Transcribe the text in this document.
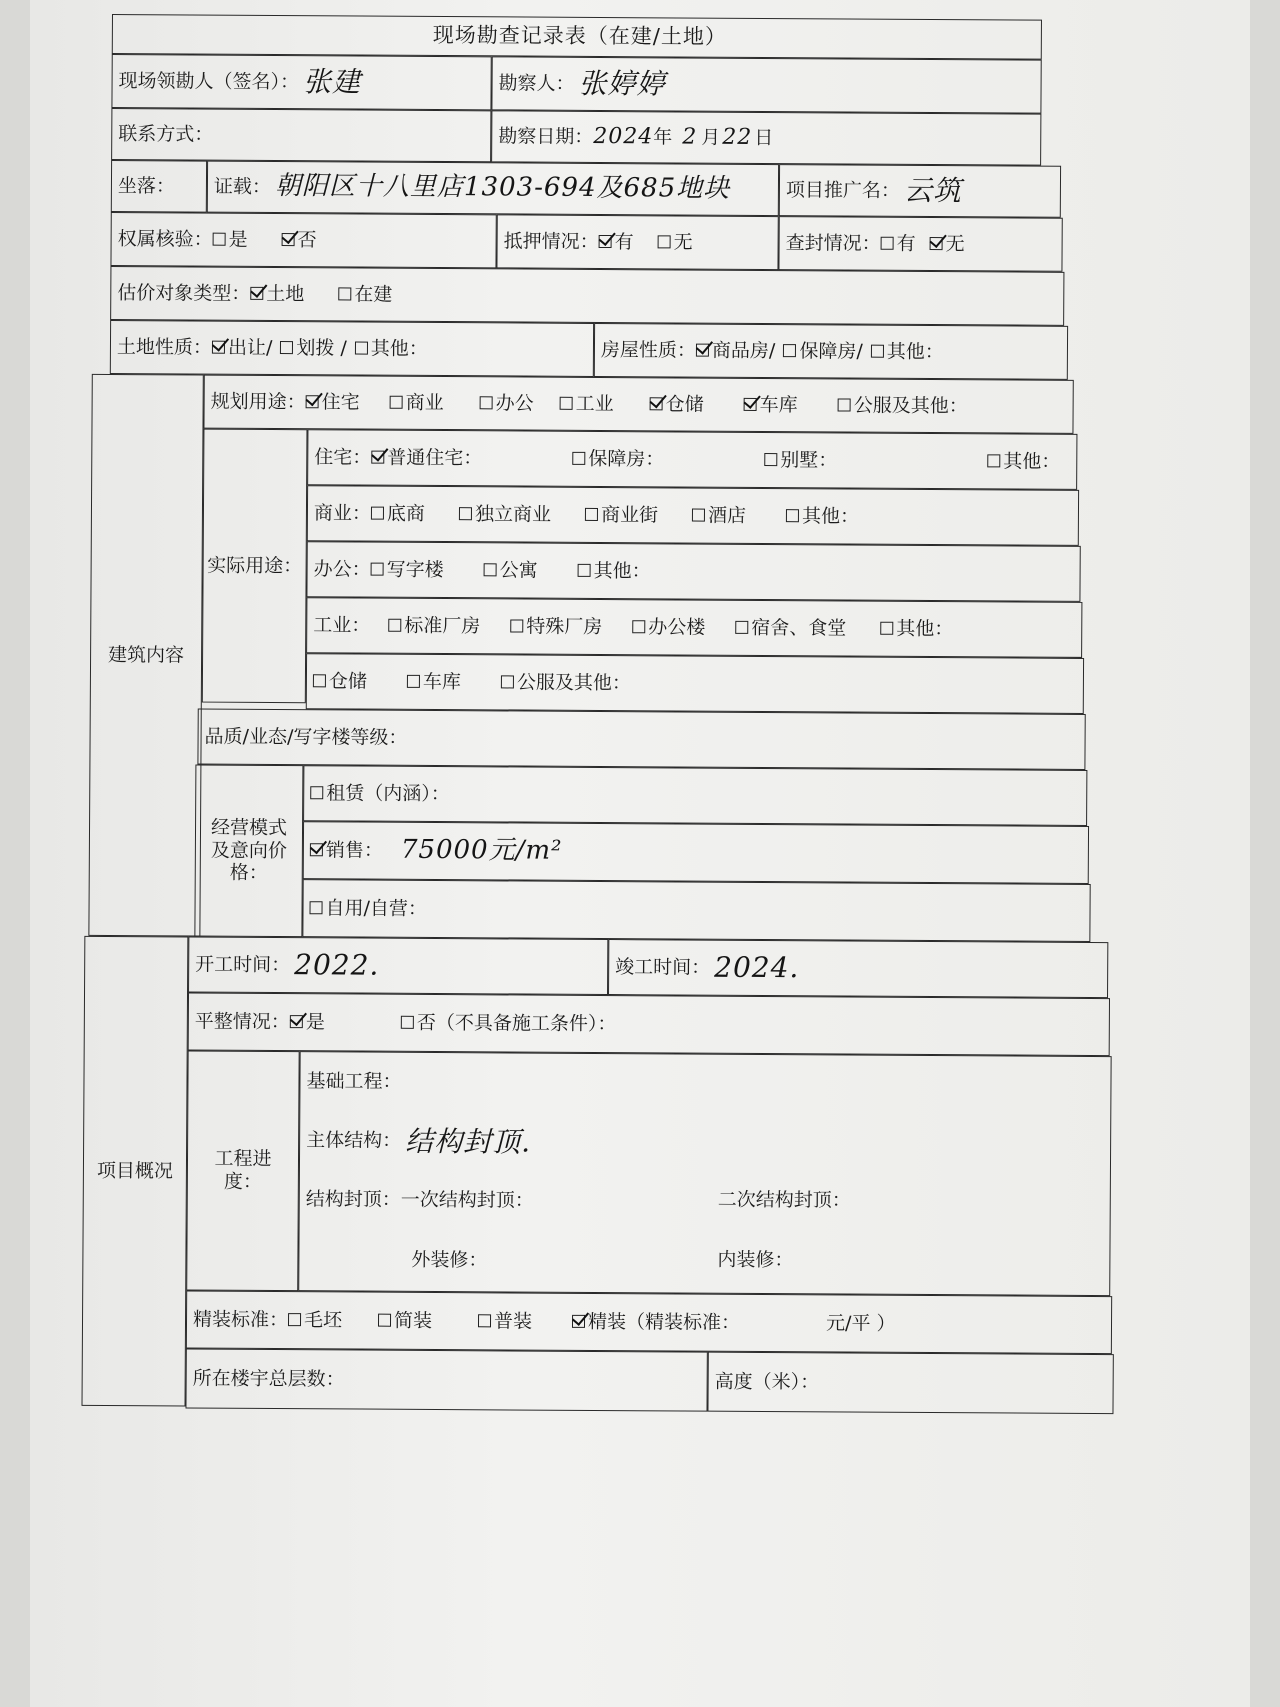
现场勘查记录表（在建/土地）
现场领勘人（签名）： 张建	勘察人： 张婷婷
联系方式：	勘察日期： 2024 年 2 月 22 日
坐落： 证载： 朝阳区十八里店1303-694及685地块	项目推广名： 云筑
权属核验： 是	否	抵押情况： 有 无	查封情况： 有 无
估价对象类型： 土地	在建
土地性质： 出让/ 划拨 / 其他：	房屋性质： 商品房/ 保障房/ 其他：
建筑内容
规划用途： 住宅 商业	办公 工业	仓储	车库	公服及其他：
实际用途：
住宅： 普通住宅：	保障房：	别墅：	其他：
商业： 底商	独立商业	商业街	酒店	其他：
办公： 写字楼	公寓	其他：
工业： 标准厂房 特殊厂房 办公楼 宿舍、食堂	其他：
仓储	车库	公服及其他：
品质/业态/写字楼等级：
经营模式
及意向价
格：
租赁（内涵）：
销售： 75000元/m²
自用/自营：
项目概况
开工时间： 2022.	竣工时间： 2024.
平整情况： 是	否（不具备施工条件）：
工程进
度：
基础工程：
主体结构： 结构封顶.
结构封顶： 一次结构封顶：	二次结构封顶：
外装修：	内装修：
精装标准： 毛坯	简装	普装	精装（精装标准：	元/平 ）
所在楼宇总层数：	高度（米）：
